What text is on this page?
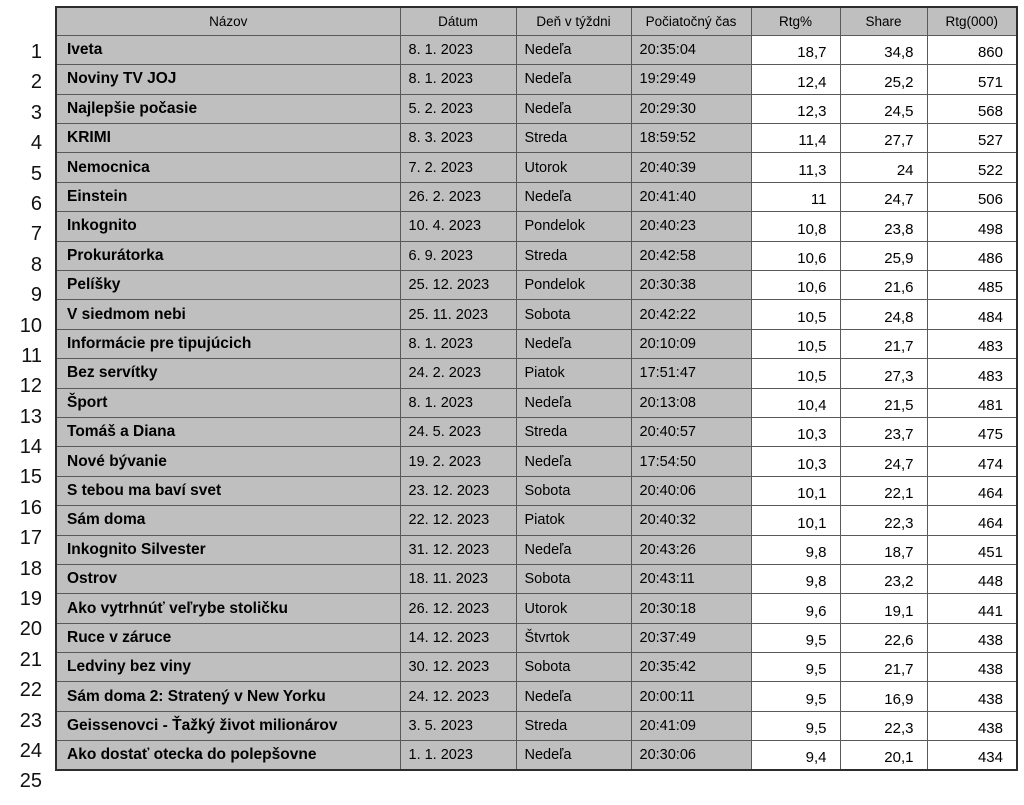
1
2
3
4
5
6
7
8
9
10
11
12
13
14
15
16
17
18
19
20
21
22
23
24
25
Názov	Dátum	Deň v týždni	Počiatočný čas	Rtg%	Share	Rtg(000)
Iveta	8. 1. 2023	Nedeľa	20:35:04	18,7	34,8	860
Noviny TV JOJ	8. 1. 2023	Nedeľa	19:29:49	12,4	25,2	571
Najlepšie počasie	5. 2. 2023	Nedeľa	20:29:30	12,3	24,5	568
KRIMI	8. 3. 2023	Streda	18:59:52	11,4	27,7	527
Nemocnica	7. 2. 2023	Utorok	20:40:39	11,3	24	522
Einstein	26. 2. 2023	Nedeľa	20:41:40	11	24,7	506
Inkognito	10. 4. 2023	Pondelok	20:40:23	10,8	23,8	498
Prokurátorka	6. 9. 2023	Streda	20:42:58	10,6	25,9	486
Pelíšky	25. 12. 2023	Pondelok	20:30:38	10,6	21,6	485
V siedmom nebi	25. 11. 2023	Sobota	20:42:22	10,5	24,8	484
Informácie pre tipujúcich	8. 1. 2023	Nedeľa	20:10:09	10,5	21,7	483
Bez servítky	24. 2. 2023	Piatok	17:51:47	10,5	27,3	483
Šport	8. 1. 2023	Nedeľa	20:13:08	10,4	21,5	481
Tomáš a Diana	24. 5. 2023	Streda	20:40:57	10,3	23,7	475
Nové bývanie	19. 2. 2023	Nedeľa	17:54:50	10,3	24,7	474
S tebou ma baví svet	23. 12. 2023	Sobota	20:40:06	10,1	22,1	464
Sám doma	22. 12. 2023	Piatok	20:40:32	10,1	22,3	464
Inkognito Silvester	31. 12. 2023	Nedeľa	20:43:26	9,8	18,7	451
Ostrov	18. 11. 2023	Sobota	20:43:11	9,8	23,2	448
Ako vytrhnúť veľrybe stoličku	26. 12. 2023	Utorok	20:30:18	9,6	19,1	441
Ruce v záruce	14. 12. 2023	Štvrtok	20:37:49	9,5	22,6	438
Ledviny bez viny	30. 12. 2023	Sobota	20:35:42	9,5	21,7	438
Sám doma 2: Stratený v New Yorku	24. 12. 2023	Nedeľa	20:00:11	9,5	16,9	438
Geissenovci - Ťažký život milionárov	3. 5. 2023	Streda	20:41:09	9,5	22,3	438
Ako dostať otecka do polepšovne	1. 1. 2023	Nedeľa	20:30:06	9,4	20,1	434
